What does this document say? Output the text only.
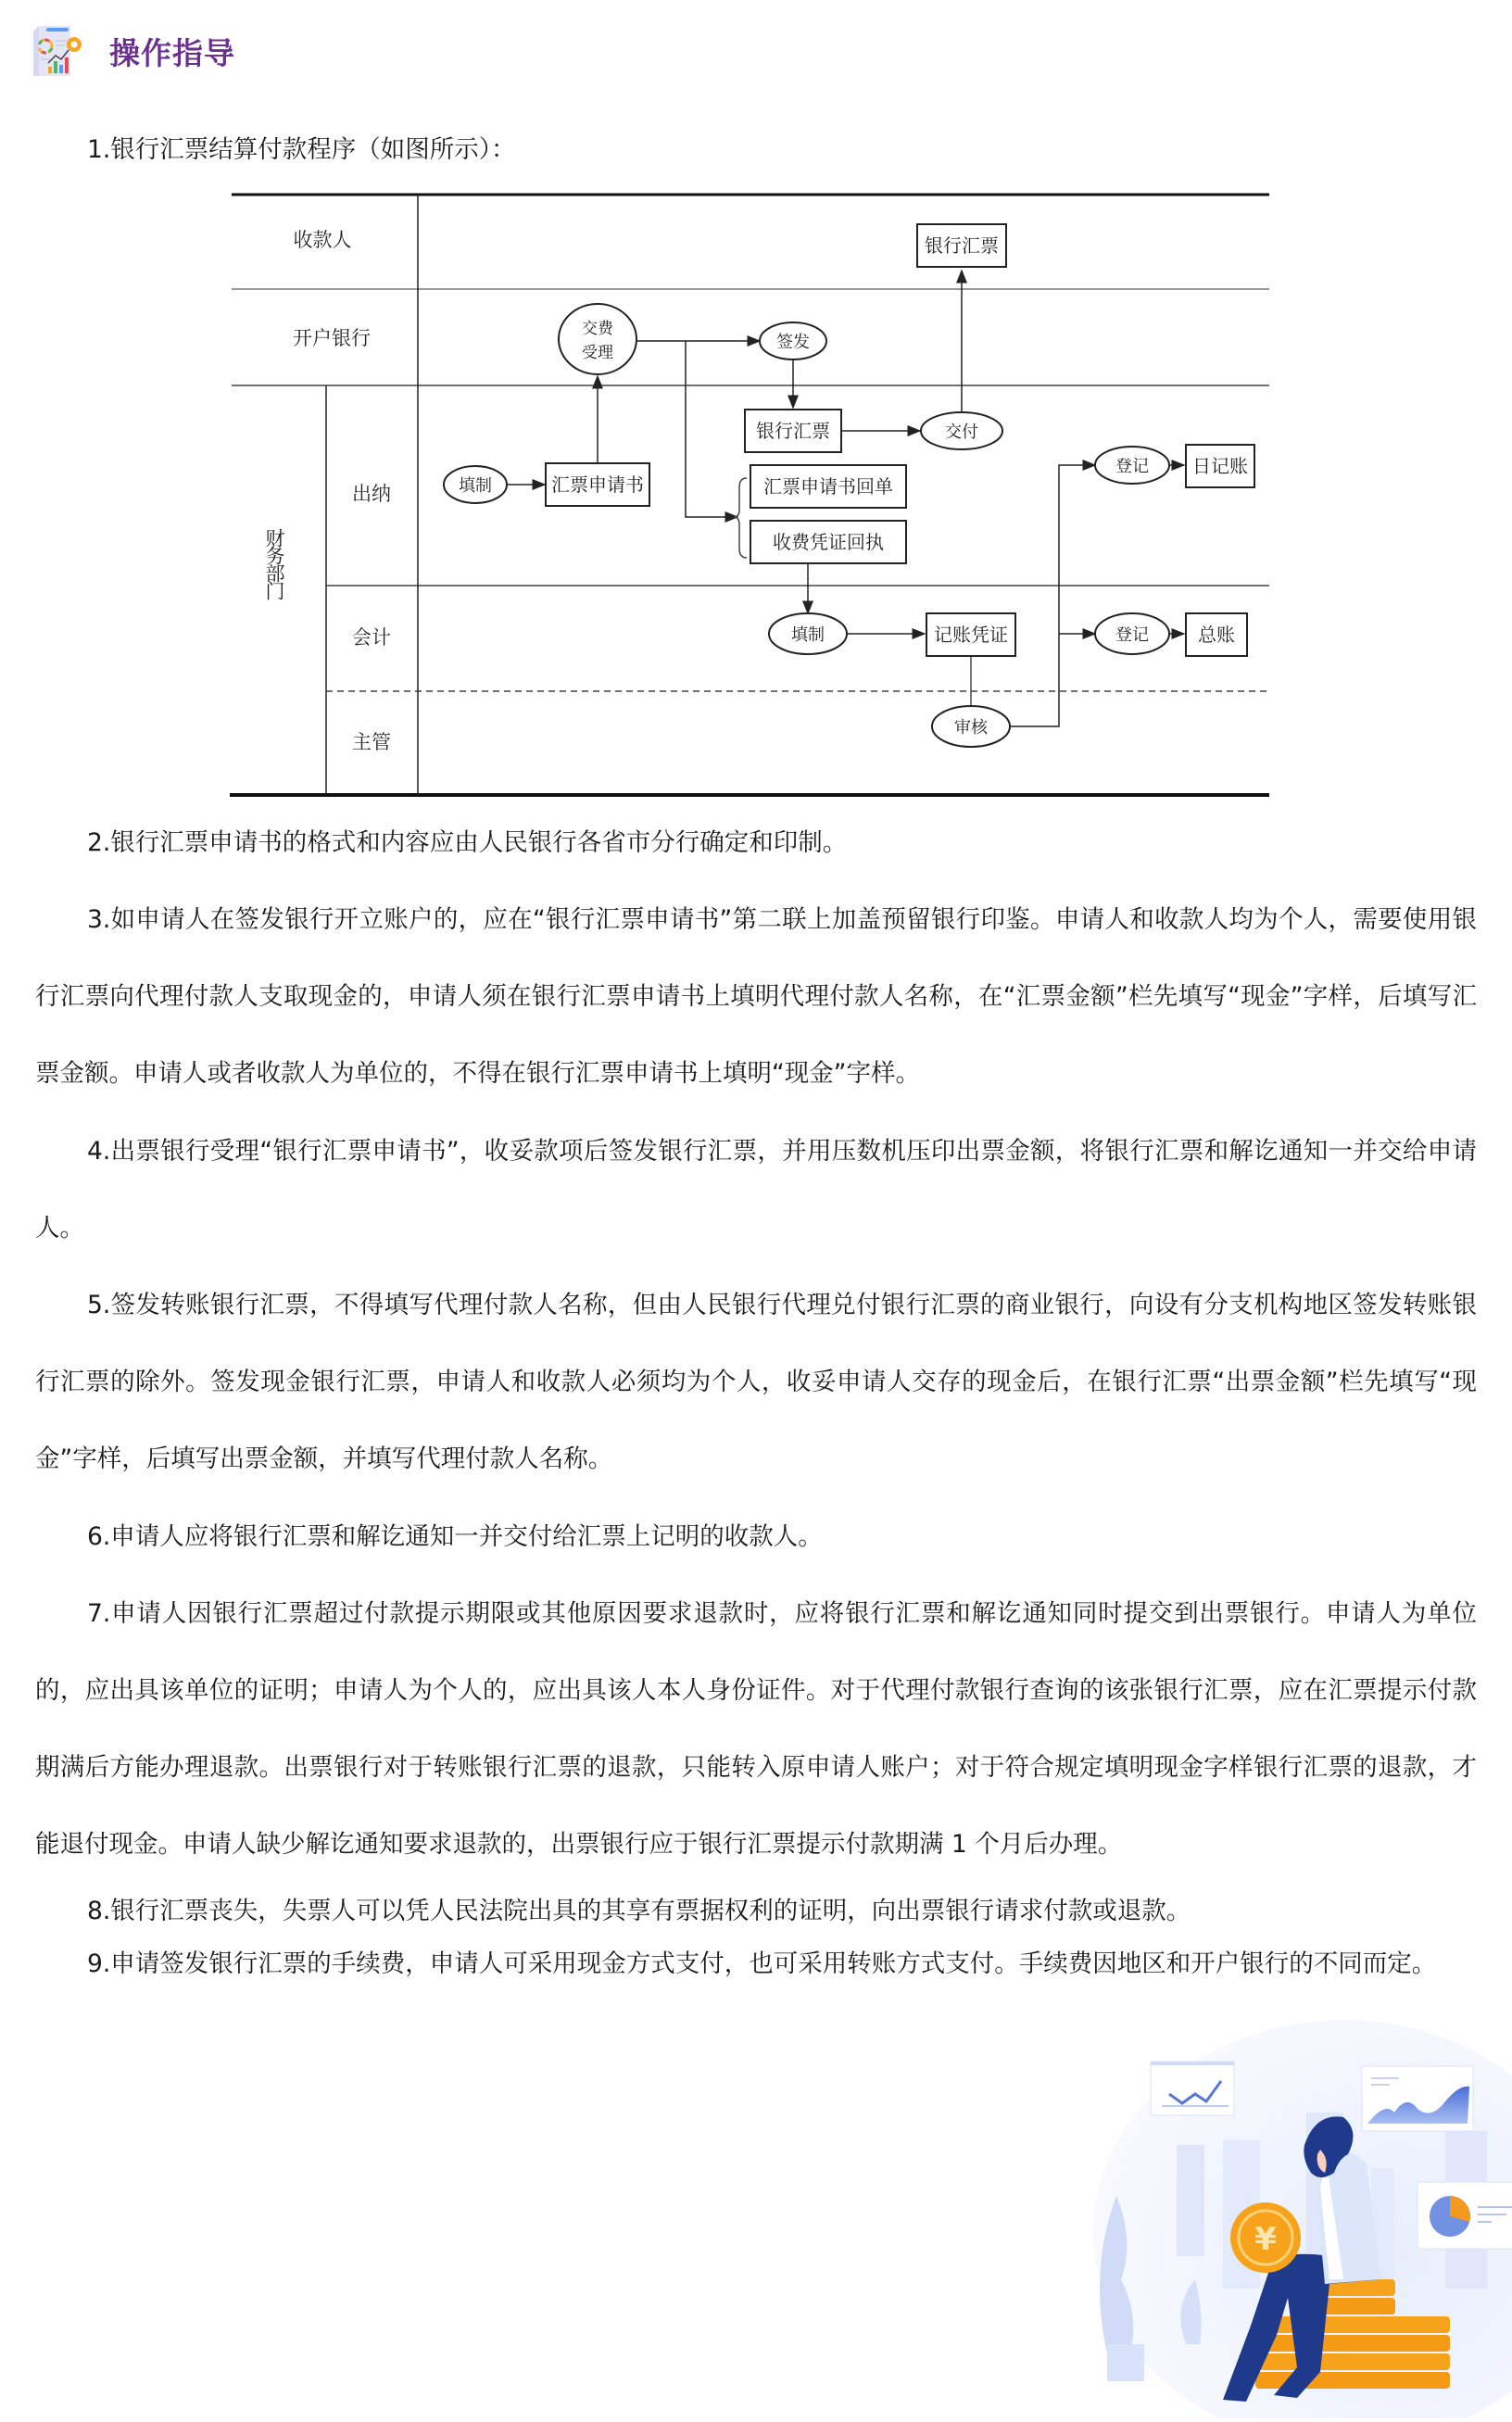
操作指导
1.银行汇票结算付款程序（如图所示）：
收款人
开户银行
出纳
会计
主管
财务部门
填制	汇票申请书
交费
受理
签发
银行汇票	交付
银行汇票
汇票申请书回单
收费凭证回执
填制	记账凭证
审核
登记 日记账
登记	总账
2.银行汇票申请书的格式和内容应由人民银行各省市分行确定和印制。
3.如申请人在签发银行开立账户的，应在“银行汇票申请书”第二联上加盖预留银行印鉴。申请人和收款人均为个人，需要使用银行汇票向代理付款人支取现金的，申请人须在银行汇票申请书上填明代理付款人名称，在“汇票金额”栏先填写“现金”字样，后填写汇票金额。申请人或者收款人为单位的，不得在银行汇票申请书上填明“现金”字样。
4.出票银行受理“银行汇票申请书”，收妥款项后签发银行汇票，并用压数机压印出票金额，将银行汇票和解讫通知一并交给申请人。
5.签发转账银行汇票，不得填写代理付款人名称，但由人民银行代理兑付银行汇票的商业银行，向设有分支机构地区签发转账银行汇票的除外。签发现金银行汇票，申请人和收款人必须均为个人，收妥申请人交存的现金后，在银行汇票“出票金额”栏先填写“现金”字样，后填写出票金额，并填写代理付款人名称。
6.申请人应将银行汇票和解讫通知一并交付给汇票上记明的收款人。
7.申请人因银行汇票超过付款提示期限或其他原因要求退款时，应将银行汇票和解讫通知同时提交到出票银行。申请人为单位的，应出具该单位的证明；申请人为个人的，应出具该人本人身份证件。对于代理付款银行查询的该张银行汇票，应在汇票提示付款期满后方能办理退款。出票银行对于转账银行汇票的退款，只能转入原申请人账户；对于符合规定填明现金字样银行汇票的退款，才能退付现金。申请人缺少解讫通知要求退款的，出票银行应于银行汇票提示付款期满 1 个月后办理。
8.银行汇票丧失，失票人可以凭人民法院出具的其享有票据权利的证明，向出票银行请求付款或退款。
9.申请签发银行汇票的手续费，申请人可采用现金方式支付，也可采用转账方式支付。手续费因地区和开户银行的不同而定。
¥
